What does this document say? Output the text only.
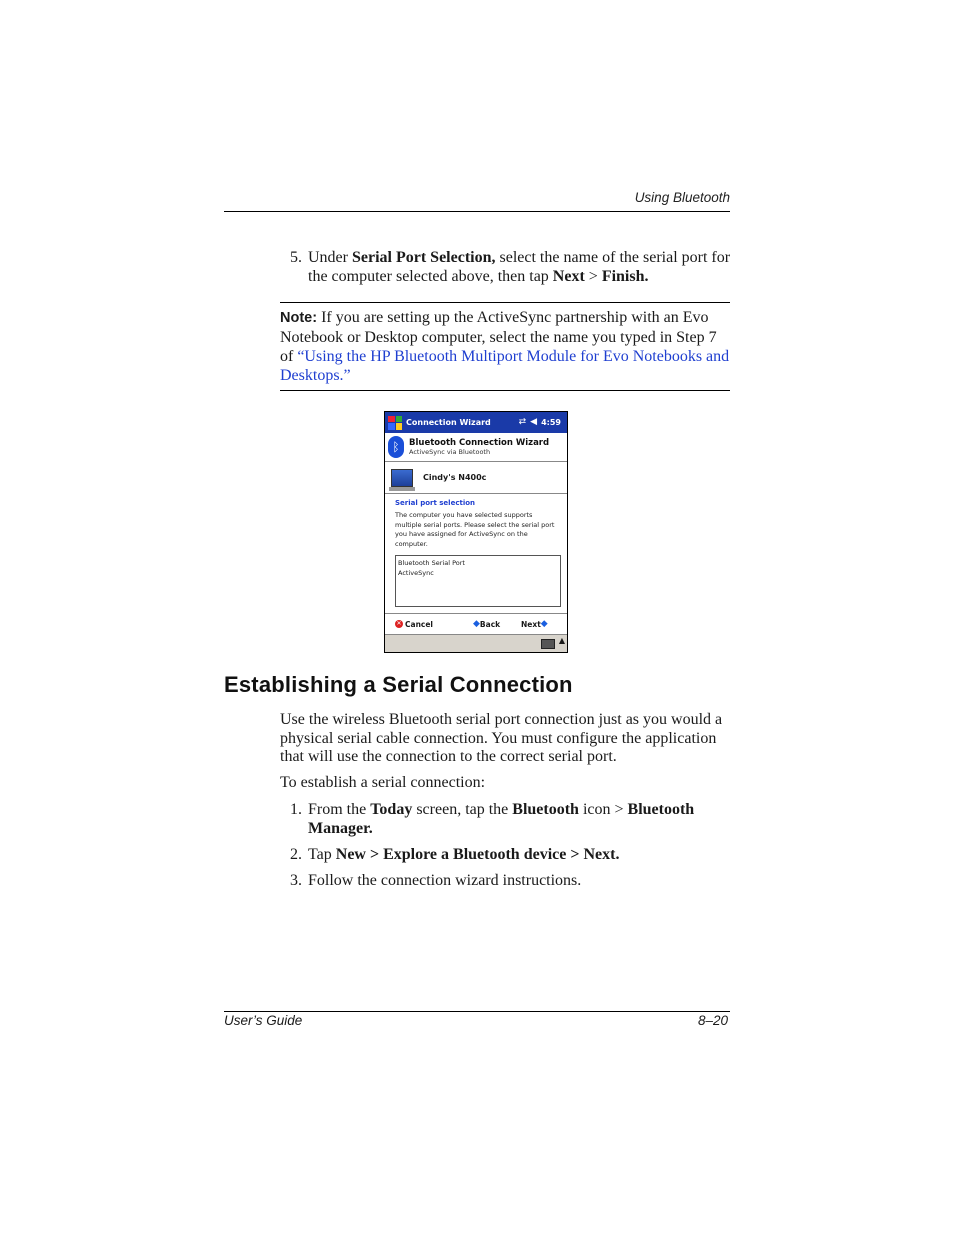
Using Bluetooth
5. Under Serial Port Selection, select the name of the serial port for the computer selected above, then tap Next > Finish.
Note: If you are setting up the ActiveSync partnership with an Evo Notebook or Desktop computer, select the name you typed in Step 7 of “Using the HP Bluetooth Multiport Module for Evo Notebooks and Desktops.”
Connection Wizard	⇄ ◀ 4:59
ᛒ	Bluetooth Connection Wizard
ActiveSync via Bluetooth
Cindy's N400c
Serial port selection
The computer you have selected supports multiple serial ports. Please select the serial port you have assigned for ActiveSync on the computer.
Bluetooth Serial Port
ActiveSync
✕ Cancel	◆ Back	Next ◆
▲
Establishing a Serial Connection
Use the wireless Bluetooth serial port connection just as you would a physical serial cable connection. You must configure the application that will use the connection to the correct serial port.
To establish a serial connection:
1. From the Today screen, tap the Bluetooth icon > Bluetooth Manager.
2. Tap New > Explore a Bluetooth device > Next.
3. Follow the connection wizard instructions.
User’s Guide	8–20
